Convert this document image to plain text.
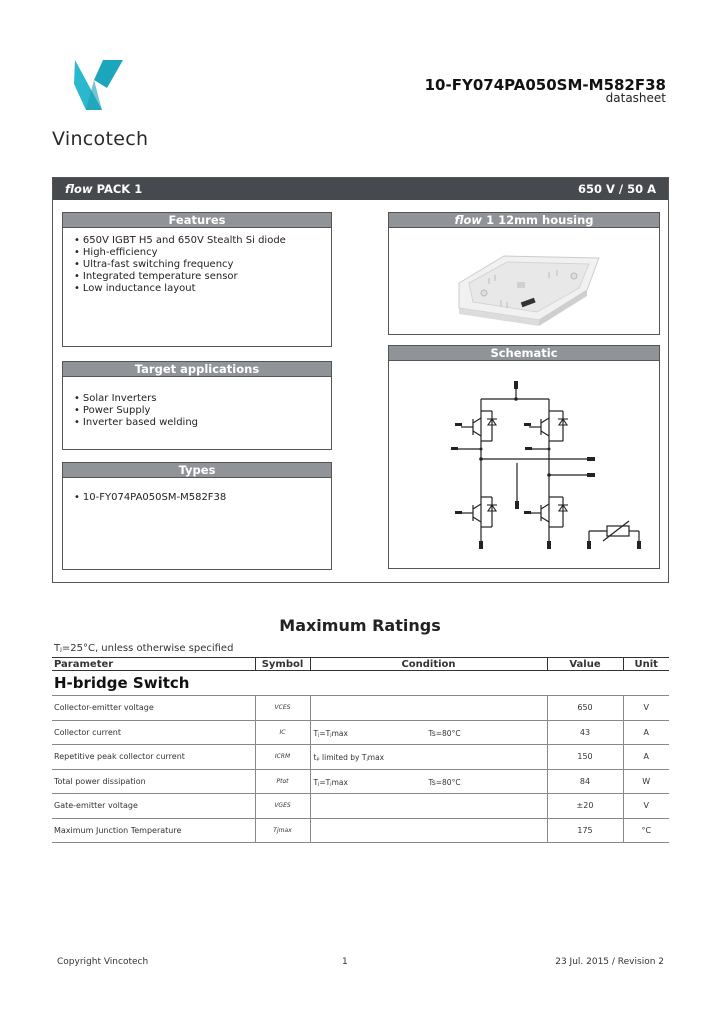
Vincotech
10-FY074PA050SM-M582F38
datasheet
flow PACK 1	650 V / 50 A
Features
• 650V IGBT H5 and 650V Stealth Si diode
• High-efficiency
• Ultra-fast switching frequency
• Integrated temperature sensor
• Low inductance layout
flow 1 12mm housing
Target applications
• Solar Inverters
• Power Supply
• Inverter based welding
Types
• 10-FY074PA050SM-M582F38
Schematic
Maximum Ratings
Tⱼ=25°C, unless otherwise specified
Parameter	Symbol	Condition	Value	Unit
H-bridge Switch				
Collector-emitter voltage	VCES		650	V
Collector current	IC	Tⱼ=Tⱼmax Ts=80°C	43	A
Repetitive peak collector current	ICRM	tₚ limited by Tⱼmax	150	A
Total power dissipation	Ptot	Tⱼ=Tⱼmax Ts=80°C	84	W
Gate-emitter voltage	VGES		±20	V
Maximum Junction Temperature	Tjmax		175	°C
Copyright Vincotech	1	23 Jul. 2015 / Revision 2
